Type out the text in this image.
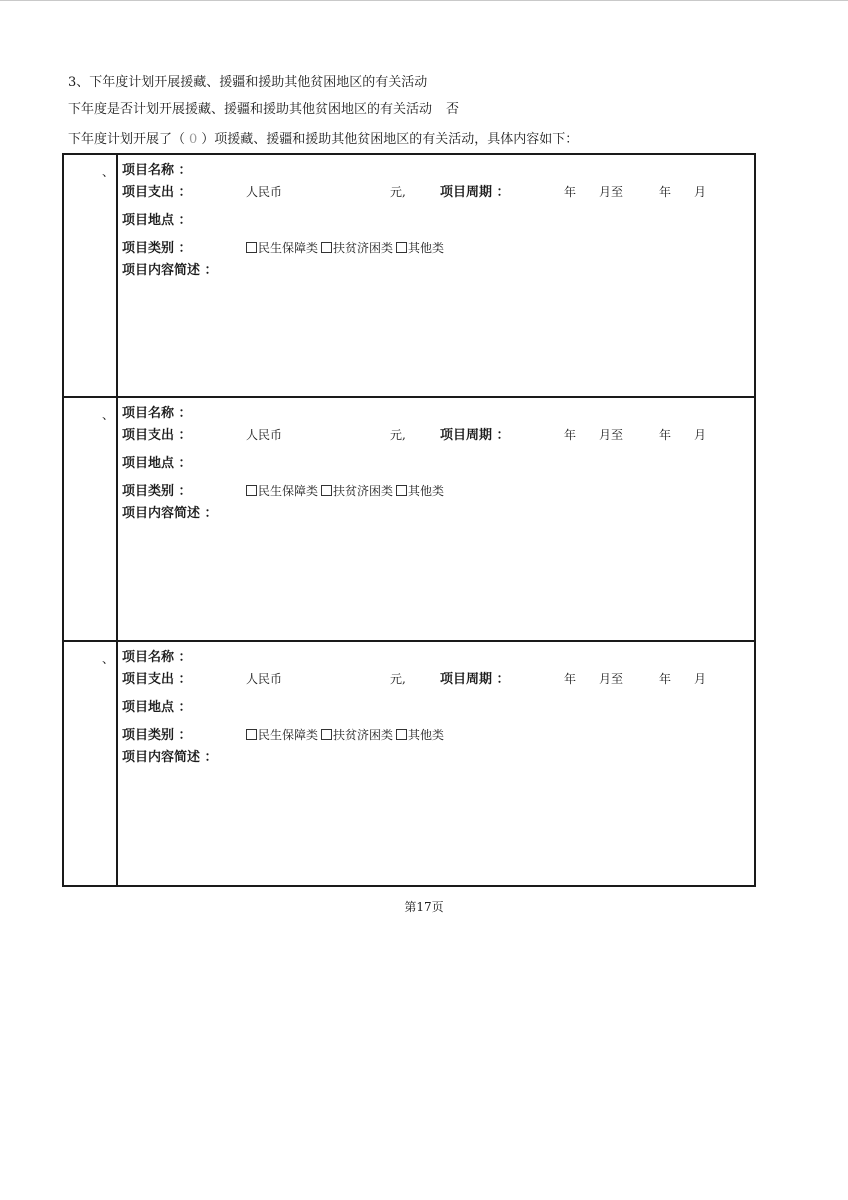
3、下年度计划开展援藏、援疆和援助其他贫困地区的有关活动
下年度是否计划开展援藏、援疆和援助其他贫困地区的有关活动 否
下年度计划开展了（ 0 ）项援藏、援疆和援助其他贫困地区的有关活动，具体内容如下：
、 项目名称 ：
项目支出 ：	人民币	元,	项目周期 ：	年 月至	年 月
项目地点 ：
项目类别 ：	民生保障类 扶贫济困类 其他类
项目内容简述 ：
、 项目名称 ：
项目支出 ：	人民币	元,	项目周期 ：	年 月至	年 月
项目地点 ：
项目类别 ：	民生保障类 扶贫济困类 其他类
项目内容简述 ：
、 项目名称 ：
项目支出 ：	人民币	元,	项目周期 ：	年 月至	年 月
项目地点 ：
项目类别 ：	民生保障类 扶贫济困类 其他类
项目内容简述 ：
第17页
